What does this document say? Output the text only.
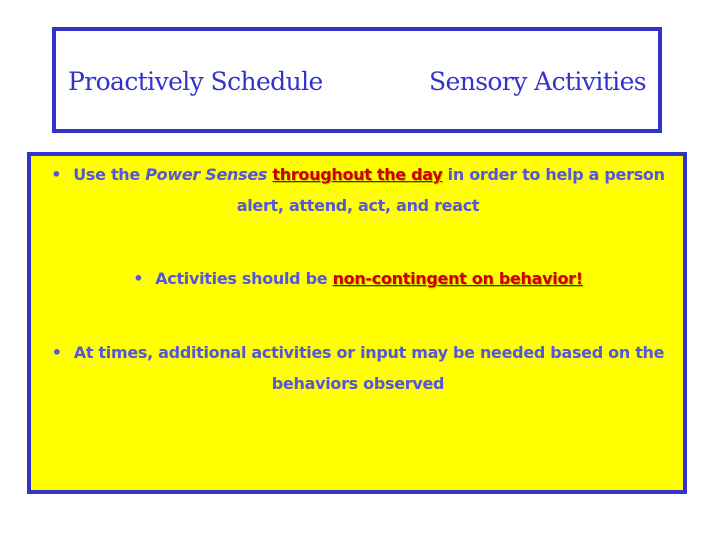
Proactively Schedule	Sensory Activities
• Use the Power Senses throughout the day in order to help a person alert, attend, act, and react
• Activities should be non-contingent on behavior!
• At times, additional activities or input may be needed based on the behaviors observed
